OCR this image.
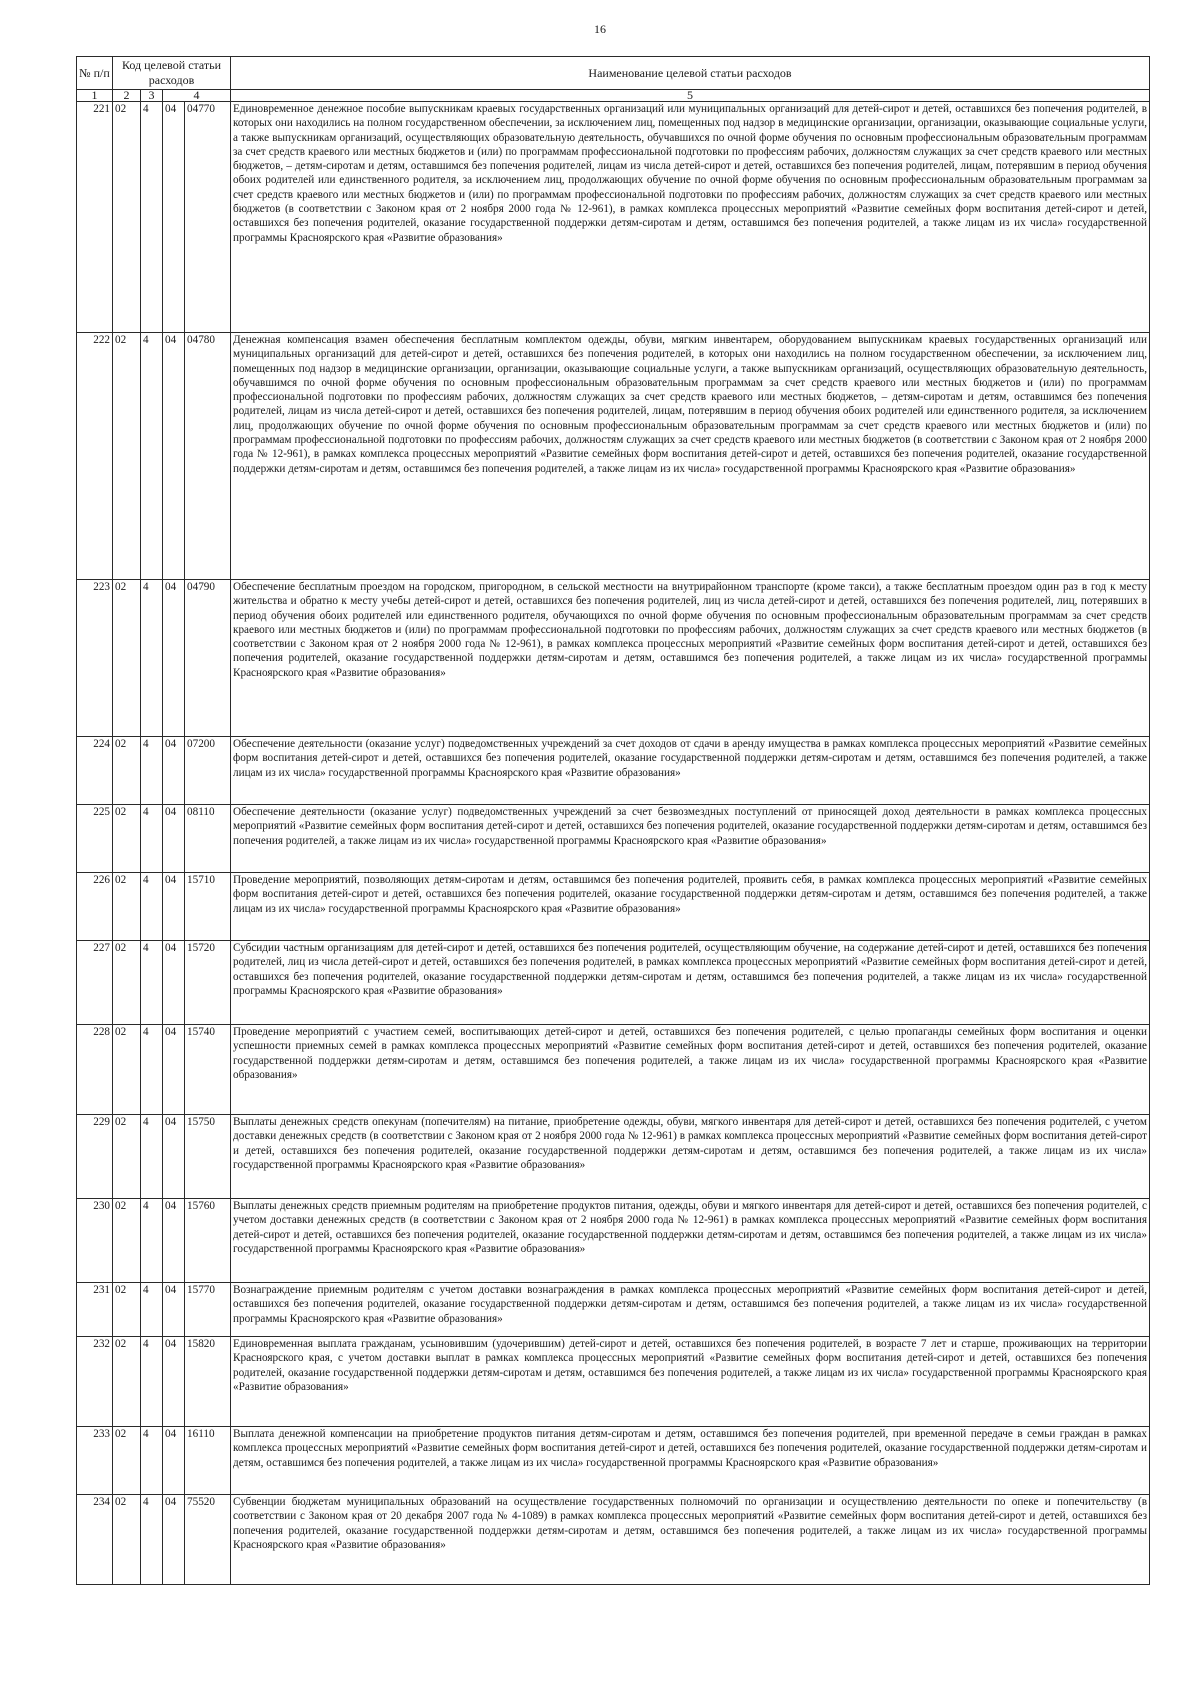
16
№ п/п	Код целевой статьи расходов				Наименование целевой статьи расходов

1	2	3	4		5
221	02	4	04	04770	Единовременное денежное пособие выпускникам краевых государственных организаций или муниципальных организаций для детей-сирот и детей, оставшихся без попечения родителей, в которых они находились на полном государственном обеспечении, за исключением лиц, помещенных под надзор в медицинские организации, организации, оказывающие социальные услуги, а также выпускникам организаций, осуществляющих образовательную деятельность, обучавшихся по очной форме обучения по основным профессиональным образовательным программам за счет средств краевого или местных бюджетов и (или) по программам профессиональной подготовки по профессиям рабочих, должностям служащих за счет средств краевого или местных бюджетов, – детям-сиротам и детям, оставшимся без попечения родителей, лицам из числа детей-сирот и детей, оставшихся без попечения родителей, лицам, потерявшим в период обучения обоих родителей или единственного родителя, за исключением лиц, продолжающих обучение по очной форме обучения по основным профессиональным образовательным программам за счет средств краевого или местных бюджетов и (или) по программам профессиональной подготовки по профессиям рабочих, должностям служащих за счет средств краевого или местных бюджетов (в соответствии с Законом края от 2 ноября 2000 года № 12-961), в рамках комплекса процессных мероприятий «Развитие семейных форм воспитания детей-сирот и детей, оставшихся без попечения родителей, оказание государственной поддержки детям-сиротам и детям, оставшимся без попечения родителей, а также лицам из их числа» государственной программы Красноярского края «Развитие образования»
222	02	4	04	04780	Денежная компенсация взамен обеспечения бесплатным комплектом одежды, обуви, мягким инвентарем, оборудованием выпускникам краевых государственных организаций или муниципальных организаций для детей-сирот и детей, оставшихся без попечения родителей, в которых они находились на полном государственном обеспечении, за исключением лиц, помещенных под надзор в медицинские организации, организации, оказывающие социальные услуги, а также выпускникам организаций, осуществляющих образовательную деятельность, обучавшимся по очной форме обучения по основным профессиональным образовательным программам за счет средств краевого или местных бюджетов и (или) по программам профессиональной подготовки по профессиям рабочих, должностям служащих за счет средств краевого или местных бюджетов, – детям-сиротам и детям, оставшимся без попечения родителей, лицам из числа детей-сирот и детей, оставшихся без попечения родителей, лицам, потерявшим в период обучения обоих родителей или единственного родителя, за исключением лиц, продолжающих обучение по очной форме обучения по основным профессиональным образовательным программам за счет средств краевого или местных бюджетов и (или) по программам профессиональной подготовки по профессиям рабочих, должностям служащих за счет средств краевого или местных бюджетов (в соответствии с Законом края от 2 ноября 2000 года № 12-961), в рамках комплекса процессных мероприятий «Развитие семейных форм воспитания детей-сирот и детей, оставшихся без попечения родителей, оказание государственной поддержки детям-сиротам и детям, оставшимся без попечения родителей, а также лицам из их числа» государственной программы Красноярского края «Развитие образования»
223	02	4	04	04790	Обеспечение бесплатным проездом на городском, пригородном, в сельской местности на внутрирайонном транспорте (кроме такси), а также бесплатным проездом один раз в год к месту жительства и обратно к месту учебы детей-сирот и детей, оставшихся без попечения родителей, лиц из числа детей-сирот и детей, оставшихся без попечения родителей, лиц, потерявших в период обучения обоих родителей или единственного родителя, обучающихся по очной форме обучения по основным профессиональным образовательным программам за счет средств краевого или местных бюджетов и (или) по программам профессиональной подготовки по профессиям рабочих, должностям служащих за счет средств краевого или местных бюджетов (в соответствии с Законом края от 2 ноября 2000 года № 12-961), в рамках комплекса процессных мероприятий «Развитие семейных форм воспитания детей-сирот и детей, оставшихся без попечения родителей, оказание государственной поддержки детям-сиротам и детям, оставшимся без попечения родителей, а также лицам из их числа» государственной программы Красноярского края «Развитие образования»
224	02	4	04	07200	Обеспечение деятельности (оказание услуг) подведомственных учреждений за счет доходов от сдачи в аренду имущества в рамках комплекса процессных мероприятий «Развитие семейных форм воспитания детей-сирот и детей, оставшихся без попечения родителей, оказание государственной поддержки детям-сиротам и детям, оставшимся без попечения родителей, а также лицам из их числа» государственной программы Красноярского края «Развитие образования»
225	02	4	04	08110	Обеспечение деятельности (оказание услуг) подведомственных учреждений за счет безвозмездных поступлений от приносящей доход деятельности в рамках комплекса процессных мероприятий «Развитие семейных форм воспитания детей-сирот и детей, оставшихся без попечения родителей, оказание государственной поддержки детям-сиротам и детям, оставшимся без попечения родителей, а также лицам из их числа» государственной программы Красноярского края «Развитие образования»
226	02	4	04	15710	Проведение мероприятий, позволяющих детям-сиротам и детям, оставшимся без попечения родителей, проявить себя, в рамках комплекса процессных мероприятий «Развитие семейных форм воспитания детей-сирот и детей, оставшихся без попечения родителей, оказание государственной поддержки детям-сиротам и детям, оставшимся без попечения родителей, а также лицам из их числа» государственной программы Красноярского края «Развитие образования»
227	02	4	04	15720	Субсидии частным организациям для детей-сирот и детей, оставшихся без попечения родителей, осуществляющим обучение, на содержание детей-сирот и детей, оставшихся без попечения родителей, лиц из числа детей-сирот и детей, оставшихся без попечения родителей, в рамках комплекса процессных мероприятий «Развитие семейных форм воспитания детей-сирот и детей, оставшихся без попечения родителей, оказание государственной поддержки детям-сиротам и детям, оставшимся без попечения родителей, а также лицам из их числа» государственной программы Красноярского края «Развитие образования»
228	02	4	04	15740	Проведение мероприятий с участием семей, воспитывающих детей-сирот и детей, оставшихся без попечения родителей, с целью пропаганды семейных форм воспитания и оценки успешности приемных семей в рамках комплекса процессных мероприятий «Развитие семейных форм воспитания детей-сирот и детей, оставшихся без попечения родителей, оказание государственной поддержки детям-сиротам и детям, оставшимся без попечения родителей, а также лицам из их числа» государственной программы Красноярского края «Развитие образования»
229	02	4	04	15750	Выплаты денежных средств опекунам (попечителям) на питание, приобретение одежды, обуви, мягкого инвентаря для детей-сирот и детей, оставшихся без попечения родителей, с учетом доставки денежных средств (в соответствии с Законом края от 2 ноября 2000 года № 12-961) в рамках комплекса процессных мероприятий «Развитие семейных форм воспитания детей-сирот и детей, оставшихся без попечения родителей, оказание государственной поддержки детям-сиротам и детям, оставшимся без попечения родителей, а также лицам из их числа» государственной программы Красноярского края «Развитие образования»
230	02	4	04	15760	Выплаты денежных средств приемным родителям на приобретение продуктов питания, одежды, обуви и мягкого инвентаря для детей-сирот и детей, оставшихся без попечения родителей, с учетом доставки денежных средств (в соответствии с Законом края от 2 ноября 2000 года № 12-961) в рамках комплекса процессных мероприятий «Развитие семейных форм воспитания детей-сирот и детей, оставшихся без попечения родителей, оказание государственной поддержки детям-сиротам и детям, оставшимся без попечения родителей, а также лицам из их числа» государственной программы Красноярского края «Развитие образования»
231	02	4	04	15770	Вознаграждение приемным родителям с учетом доставки вознаграждения в рамках комплекса процессных мероприятий «Развитие семейных форм воспитания детей-сирот и детей, оставшихся без попечения родителей, оказание государственной поддержки детям-сиротам и детям, оставшимся без попечения родителей, а также лицам из их числа» государственной программы Красноярского края «Развитие образования»
232	02	4	04	15820	Единовременная выплата гражданам, усыновившим (удочерившим) детей-сирот и детей, оставшихся без попечения родителей, в возрасте 7 лет и старше, проживающих на территории Красноярского края, с учетом доставки выплат в рамках комплекса процессных мероприятий «Развитие семейных форм воспитания детей-сирот и детей, оставшихся без попечения родителей, оказание государственной поддержки детям-сиротам и детям, оставшимся без попечения родителей, а также лицам из их числа» государственной программы Красноярского края «Развитие образования»
233	02	4	04	16110	Выплата денежной компенсации на приобретение продуктов питания детям-сиротам и детям, оставшимся без попечения родителей, при временной передаче в семьи граждан в рамках комплекса процессных мероприятий «Развитие семейных форм воспитания детей-сирот и детей, оставшихся без попечения родителей, оказание государственной поддержки детям-сиротам и детям, оставшимся без попечения родителей, а также лицам из их числа» государственной программы Красноярского края «Развитие образования»
234	02	4	04	75520	Субвенции бюджетам муниципальных образований на осуществление государственных полномочий по организации и осуществлению деятельности по опеке и попечительству (в соответствии с Законом края от 20 декабря 2007 года № 4-1089) в рамках комплекса процессных мероприятий «Развитие семейных форм воспитания детей-сирот и детей, оставшихся без попечения родителей, оказание государственной поддержки детям-сиротам и детям, оставшимся без попечения родителей, а также лицам из их числа» государственной программы Красноярского края «Развитие образования»
